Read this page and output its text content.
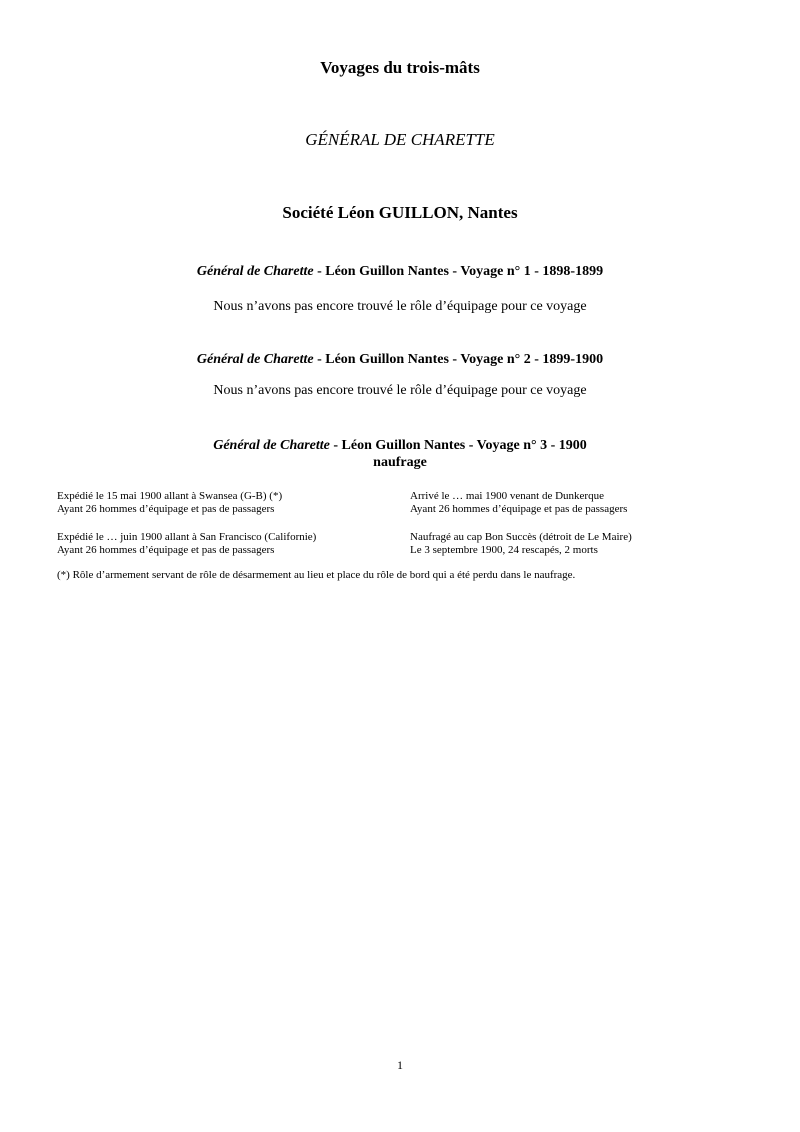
Voyages du trois-mâts
GÉNÉRAL DE CHARETTE
Société Léon GUILLON, Nantes
Général de Charette - Léon Guillon Nantes - Voyage n° 1 - 1898-1899
Nous n’avons pas encore trouvé le rôle d’équipage pour ce voyage
Général de Charette - Léon Guillon Nantes - Voyage n° 2 - 1899-1900
Nous n’avons pas encore trouvé le rôle d’équipage pour ce voyage
Général de Charette - Léon Guillon Nantes - Voyage n° 3 - 1900
naufrage
Expédié le 15 mai 1900 allant à Swansea (G-B) (*)
Ayant 26 hommes d’équipage et pas de passagers
Arrivé le … mai 1900 venant de Dunkerque
Ayant 26 hommes d’équipage et pas de passagers
Expédié le … juin 1900 allant à San Francisco (Californie)
Ayant 26 hommes d’équipage et pas de passagers
Naufragé au cap Bon Succès (détroit de Le Maire)
Le 3 septembre 1900, 24 rescapés, 2 morts
(*) Rôle d’armement servant de rôle de désarmement au lieu et place du rôle de bord qui a été perdu dans le naufrage.
1
